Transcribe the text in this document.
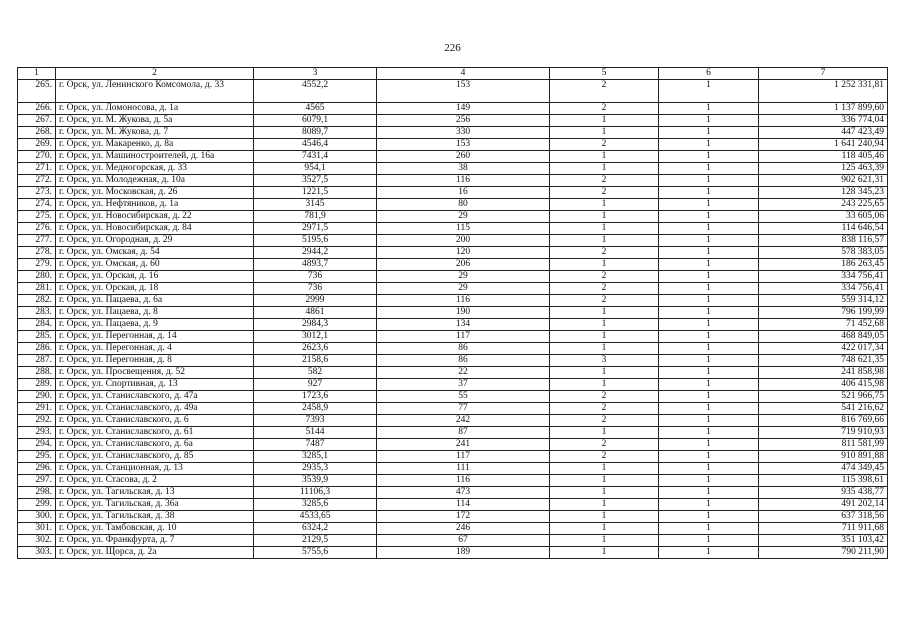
226
1	2	3	4	5	6	7
265.	г. Орск, ул. Ленинского Комсомола, д. 33	4552,2	153	2	1	1 252 331,81
266.	г. Орск, ул. Ломоносова, д. 1а	4565	149	2	1	1 137 899,60
267.	г. Орск, ул. М. Жукова, д. 5а	6079,1	256	1	1	336 774,04
268.	г. Орск, ул. М. Жукова, д. 7	8089,7	330	1	1	447 423,49
269.	г. Орск, ул. Макаренко, д. 8а	4546,4	153	2	1	1 641 240,94
270.	г. Орск, ул. Машиностроителей, д. 16а	7431,4	260	1	1	118 405,46
271.	г. Орск, ул. Медногорская, д. 33	954,1	38	1	1	125 463,39
272.	г. Орск, ул. Молодежная, д. 10а	3527,5	116	2	1	902 621,31
273.	г. Орск, ул. Московская, д. 26	1221,5	16	2	1	128 345,23
274.	г. Орск, ул. Нефтяников, д. 1а	3145	80	1	1	243 225,65
275.	г. Орск, ул. Новосибирская, д. 22	781,9	29	1	1	33 605,06
276.	г. Орск, ул. Новосибирская, д. 84	2971,5	115	1	1	114 646,54
277.	г. Орск, ул. Огородная, д. 29	5195,6	200	1	1	838 116,57
278.	г. Орск, ул. Омская, д. 54	2944,2	120	2	1	578 383,05
279.	г. Орск, ул. Омская, д. 60	4893,7	206	1	1	186 263,45
280.	г. Орск, ул. Орская, д. 16	736	29	2	1	334 756,41
281.	г. Орск, ул. Орская, д. 18	736	29	2	1	334 756,41
282.	г. Орск, ул. Пацаева, д. 6а	2999	116	2	1	559 314,12
283.	г. Орск, ул. Пацаева, д. 8	4861	190	1	1	796 199,99
284.	г. Орск, ул. Пацаева, д. 9	2984,3	134	1	1	71 452,68
285.	г. Орск, ул. Перегонная, д. 14	3012,1	117	1	1	468 849,05
286.	г. Орск, ул. Перегонная, д. 4	2623,6	86	1	1	422 017,34
287.	г. Орск, ул. Перегонная, д. 8	2158,6	86	3	1	748 621,35
288.	г. Орск, ул. Просвещения, д. 52	582	22	1	1	241 858,98
289.	г. Орск, ул. Спортивная, д. 13	927	37	1	1	406 415,98
290.	г. Орск, ул. Станиславского, д. 47а	1723,6	55	2	1	521 966,75
291.	г. Орск, ул. Станиславского, д. 49а	2458,9	77	2	1	541 216,62
292.	г. Орск, ул. Станиславского, д. 6	7393	242	2	1	816 769,66
293.	г. Орск, ул. Станиславского, д. 61	5144	87	1	1	719 910,93
294.	г. Орск, ул. Станиславского, д. 6а	7487	241	2	1	811 581,99
295.	г. Орск, ул. Станиславского, д. 85	3285,1	117	2	1	910 891,88
296.	г. Орск, ул. Станционная, д. 13	2935,3	111	1	1	474 349,45
297.	г. Орск, ул. Стасова, д. 2	3539,9	116	1	1	115 398,61
298.	г. Орск, ул. Тагильская, д. 13	11106,3	473	1	1	935 438,77
299.	г. Орск, ул. Тагильская, д. 36а	3285,6	114	1	1	491 202,14
300.	г. Орск, ул. Тагильская, д. 38	4533,65	172	1	1	637 318,56
301.	г. Орск, ул. Тамбовская, д. 10	6324,2	246	1	1	711 911,68
302.	г. Орск, ул. Франкфурта, д. 7	2129,5	67	1	1	351 103,42
303.	г. Орск, ул. Щорса, д. 2а	5755,6	189	1	1	790 211,90
